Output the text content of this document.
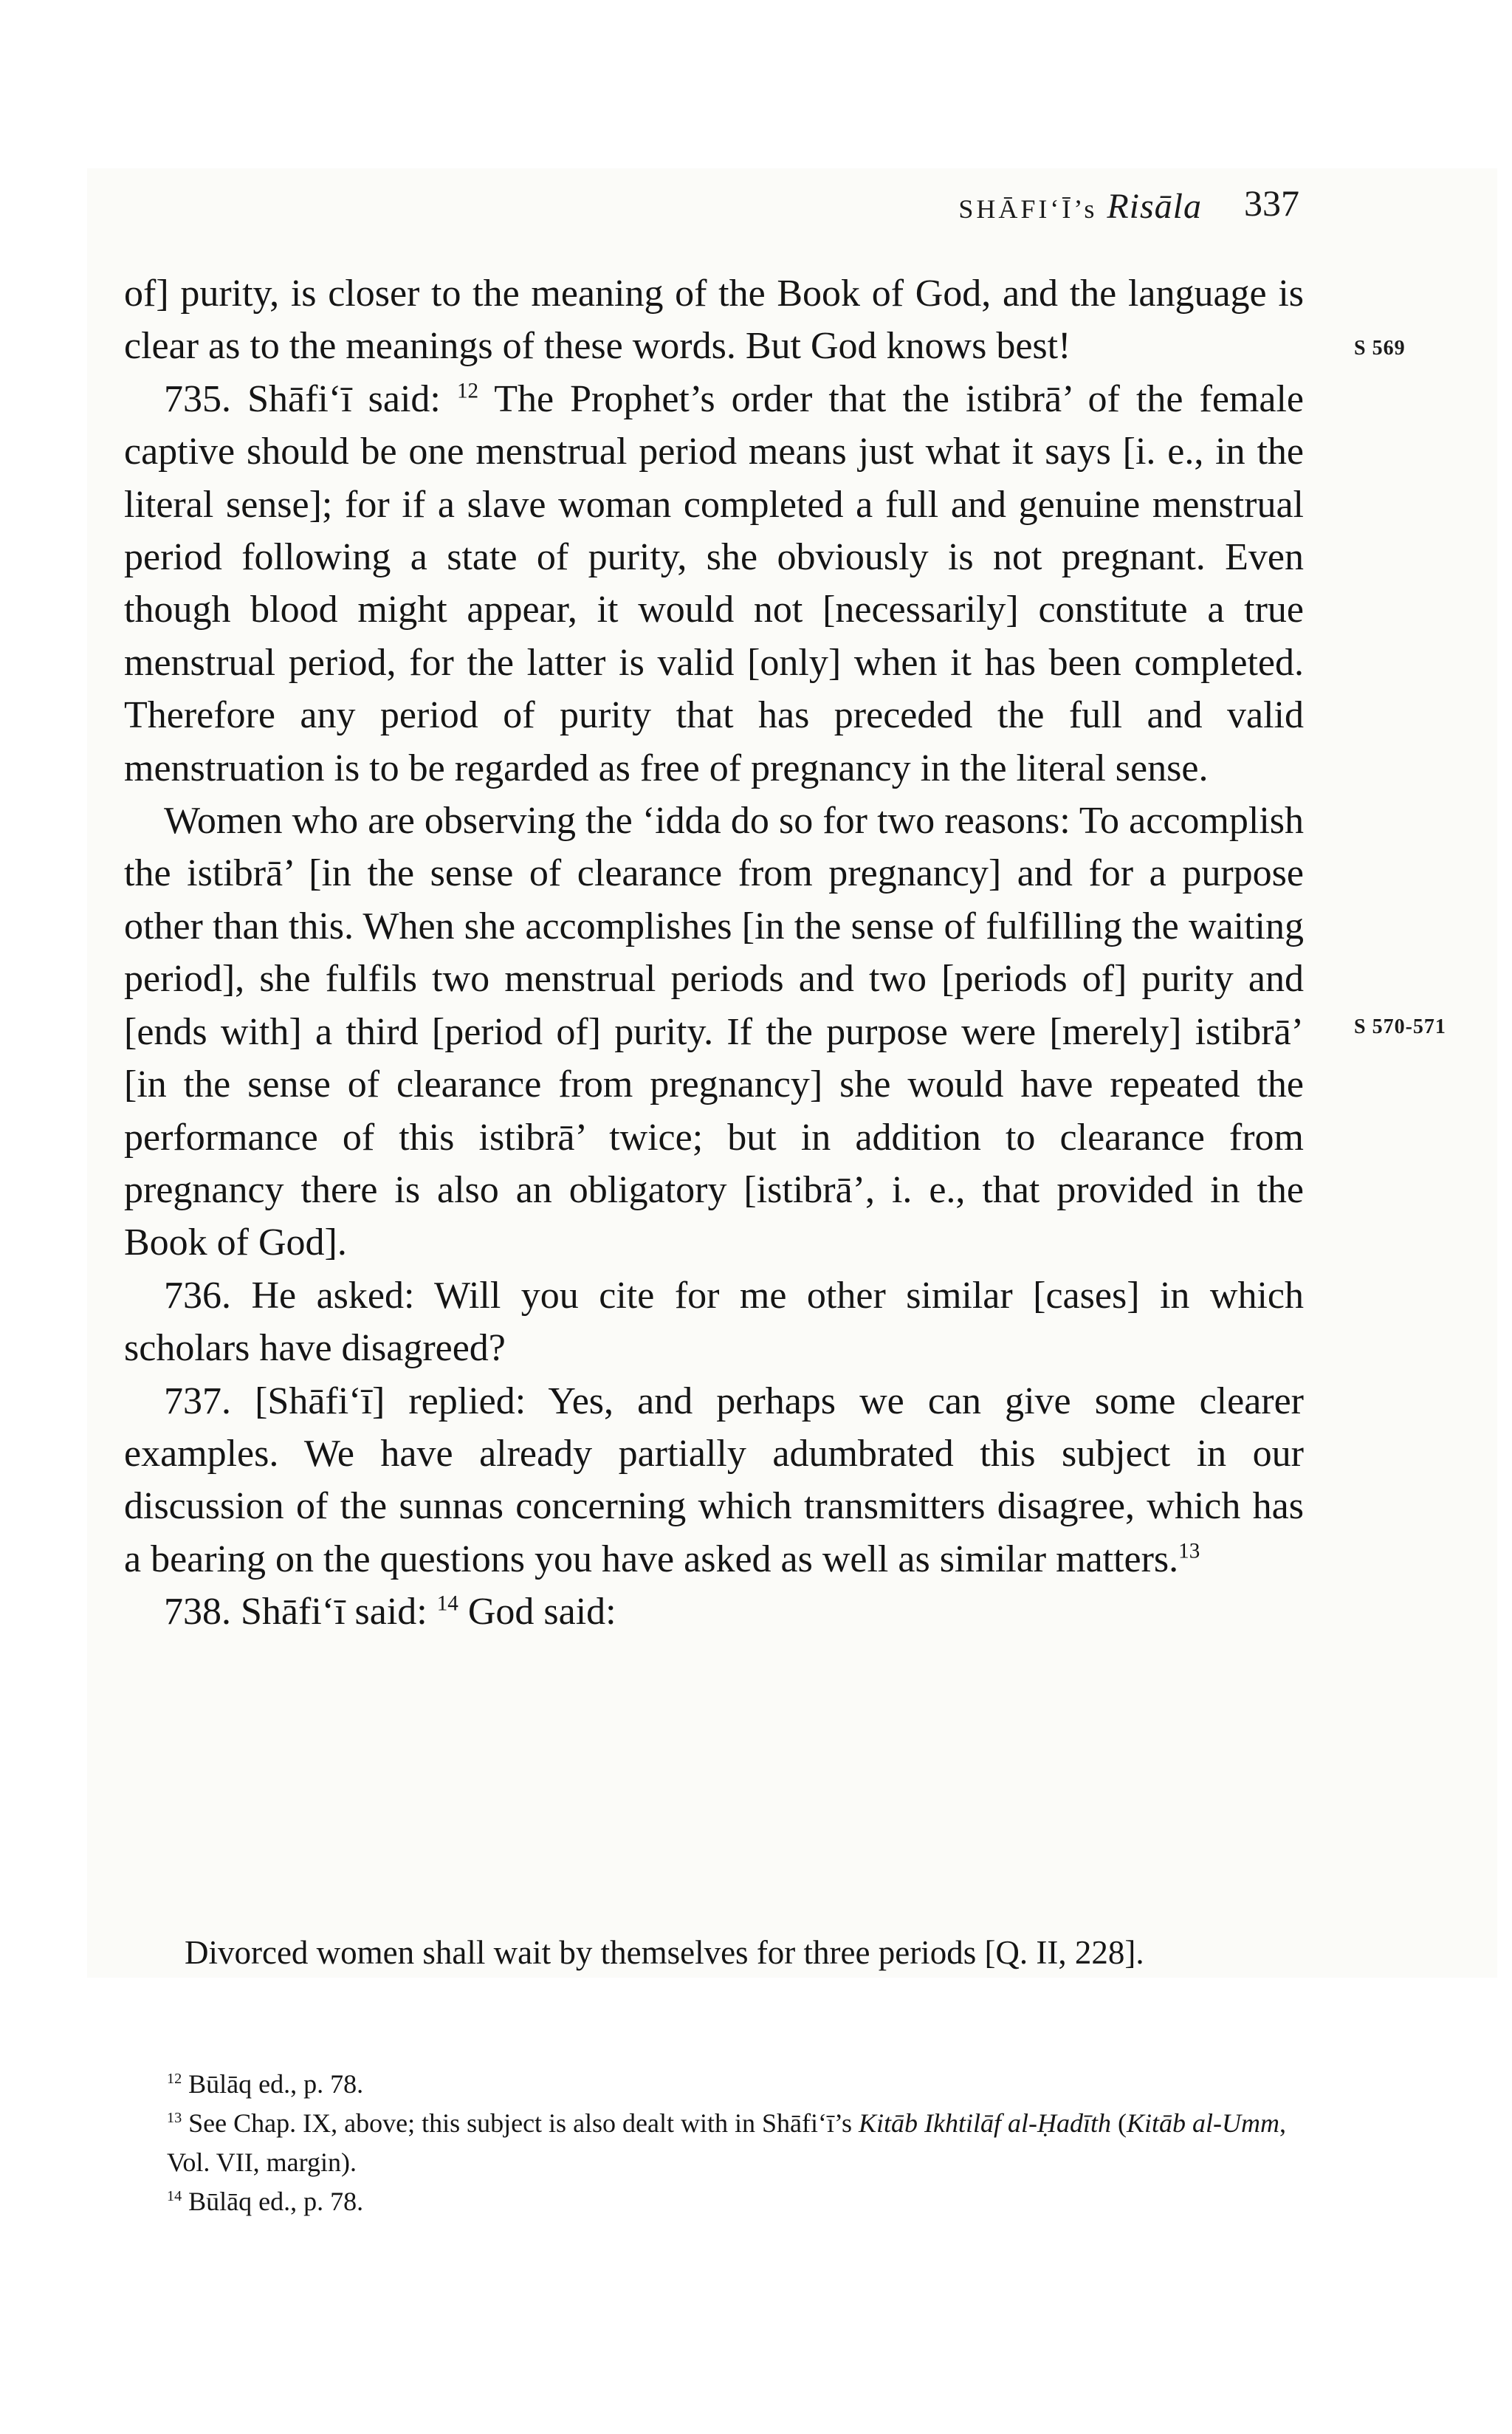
SHĀFI‘Ī’s Risāla 337

of] purity, is closer to the meaning of the Book of God, and the language is clear as to the meanings of these words. But God knows best!

735. Shāfi‘ī said: $^{12}$ The Prophet’s order that the istibrā’ of the female captive should be one menstrual period means just what it says [i. e., in the literal sense]; for if a slave woman completed a full and genuine menstrual period following a state of purity, she obviously is not pregnant. Even though blood might appear, it would not [necessarily] constitute a true menstrual period, for the latter is valid [only] when it has been completed. Therefore any period of purity that has preceded the full and valid menstruation is to be regarded as free of pregnancy in the literal sense.

Women who are observing the ‘idda do so for two reasons: To accomplish the istibrā’ [in the sense of clearance from pregnancy] and for a purpose other than this. When she accomplishes [in the sense of fulfilling the waiting period], she fulfils two menstrual periods and two [periods of] purity and [ends with] a third [period of] purity. If the purpose were [merely] istibrā’ [in the sense of clearance from pregnancy] she would have repeated the performance of this istibrā’ twice; but in addition to clearance from pregnancy there is also an obligatory [istibrā’, i. e., that provided in the Book of God].

736. He asked: Will you cite for me other similar [cases] in which scholars have disagreed?

737. [Shāfi‘ī] replied: Yes, and perhaps we can give some clearer examples. We have already partially adumbrated this subject in our discussion of the sunnas concerning which transmitters disagree, which has a bearing on the questions you have asked as well as similar matters.$^{13}$

738. Shāfi‘ī said: $^{14}$ God said:

Divorced women shall wait by themselves for three periods [Q. II, 228].

S 569
S 570-571

$^{12}$ Būlāq ed., p. 78.

$^{13}$ See Chap. IX, above; this subject is also dealt with in Shāfi‘ī’s Kitāb Ikhtilāf al-Ḥadīth (Kitāb al-Umm, Vol. VII, margin).

$^{14}$ Būlāq ed., p. 78.
